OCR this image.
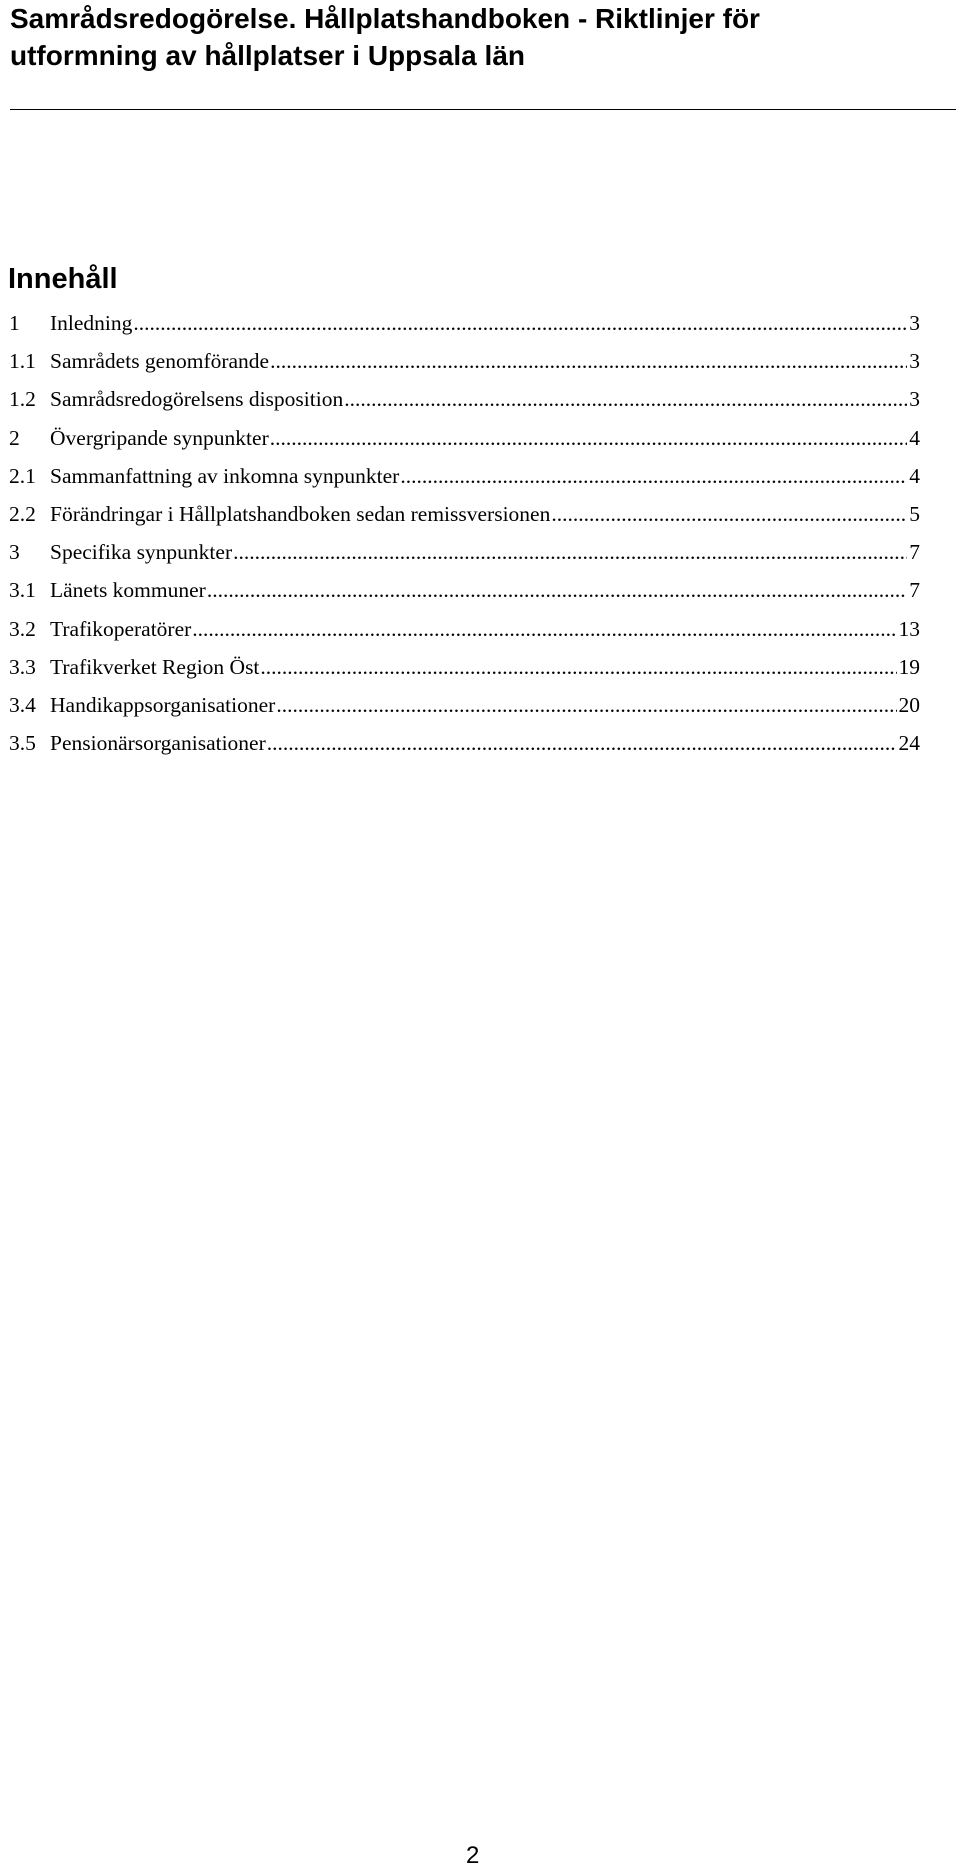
Samrådsredogörelse. Hållplatshandboken - Riktlinjer för
utformning av hållplatser i Uppsala län
Innehåll
1	Inledning .....	3
1.1 Samrådets genomförande .....	3
1.2 Samrådsredogörelsens disposition .....	3
2	Övergripande synpunkter .....	4
2.1 Sammanfattning av inkomna synpunkter .....	4
2.2 Förändringar i Hållplatshandboken sedan remissversionen .....	5
3	Specifika synpunkter .....	7
3.1 Länets kommuner .....	7
3.2 Trafikoperatörer .....	13
3.3 Trafikverket Region Öst .....	19
3.4 Handikappsorganisationer .....	20
3.5 Pensionärsorganisationer .....	24
2
